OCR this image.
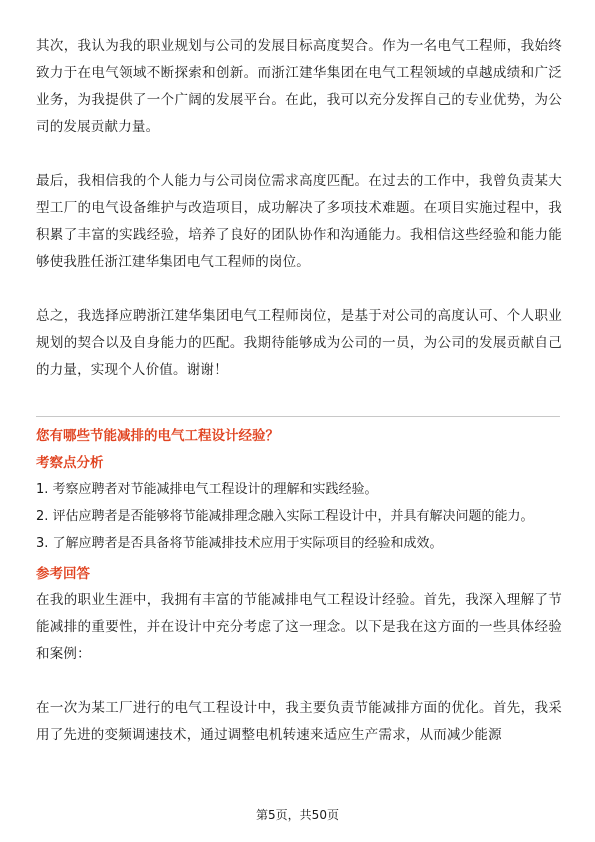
其次，我认为我的职业规划与公司的发展目标高度契合。作为一名电气工程师，我始终致力于在电气领域不断探索和创新。而浙江建华集团在电气工程领域的卓越成绩和广泛业务，为我提供了一个广阔的发展平台。在此，我可以充分发挥自己的专业优势，为公司的发展贡献力量。

最后，我相信我的个人能力与公司岗位需求高度匹配。在过去的工作中，我曾负责某大型工厂的电气设备维护与改造项目，成功解决了多项技术难题。在项目实施过程中，我积累了丰富的实践经验，培养了良好的团队协作和沟通能力。我相信这些经验和能力能够使我胜任浙江建华集团电气工程师的岗位。

总之，我选择应聘浙江建华集团电气工程师岗位，是基于对公司的高度认可、个人职业规划的契合以及自身能力的匹配。我期待能够成为公司的一员，为公司的发展贡献自己的力量，实现个人价值。谢谢！

您有哪些节能减排的电气工程设计经验？

考察点分析

1. 考察应聘者对节能减排电气工程设计的理解和实践经验。

2. 评估应聘者是否能够将节能减排理念融入实际工程设计中，并具有解决问题的能力。

3. 了解应聘者是否具备将节能减排技术应用于实际项目的经验和成效。

参考回答

在我的职业生涯中，我拥有丰富的节能减排电气工程设计经验。首先，我深入理解了节能减排的重要性，并在设计中充分考虑了这一理念。以下是我在这方面的一些具体经验和案例：

在一次为某工厂进行的电气工程设计中，我主要负责节能减排方面的优化。首先，我采用了先进的变频调速技术，通过调整电机转速来适应生产需求，从而减少能源

第5页，共50页
